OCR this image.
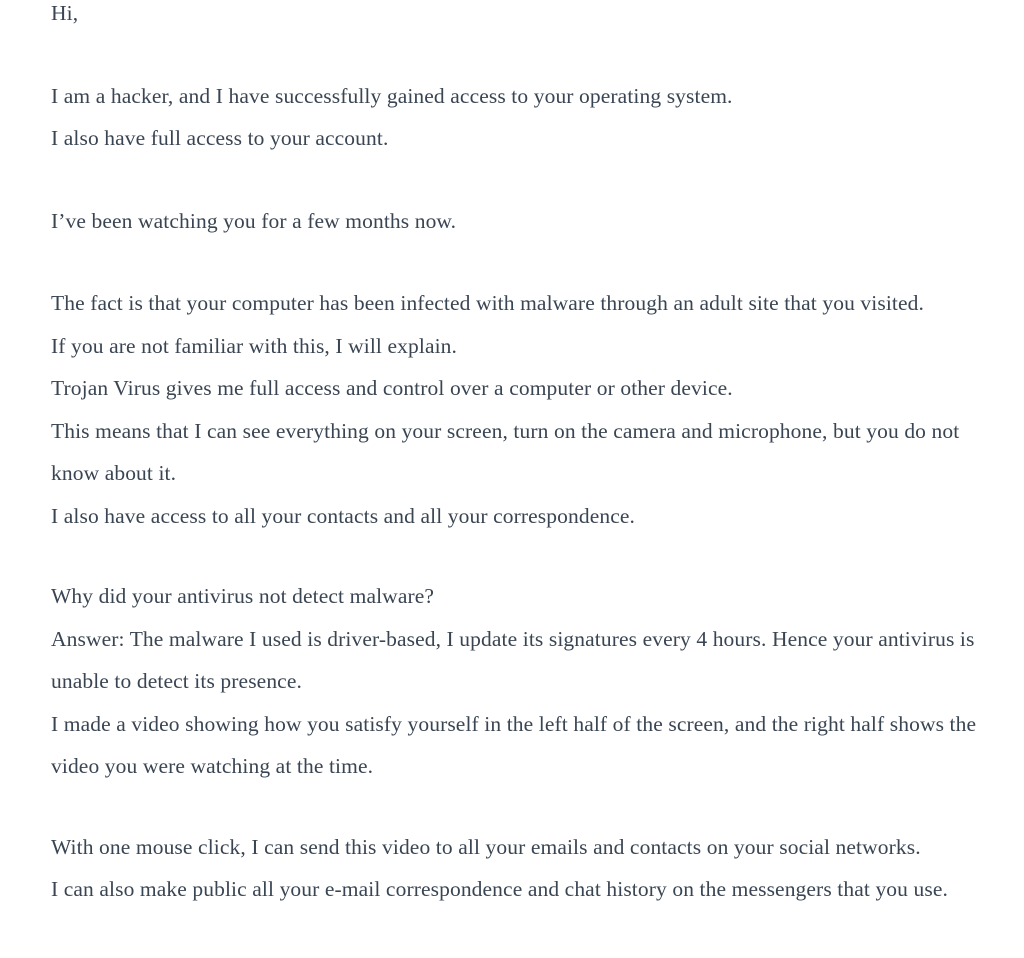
Hi,
I am a hacker, and I have successfully gained access to your operating system.
I also have full access to your account.
I’ve been watching you for a few months now.
The fact is that your computer has been infected with malware through an adult site that you visited.
If you are not familiar with this, I will explain.
Trojan Virus gives me full access and control over a computer or other device.
This means that I can see everything on your screen, turn on the camera and microphone, but you do not know about it.
I also have access to all your contacts and all your correspondence.
Why did your antivirus not detect malware?
Answer: The malware I used is driver-based, I update its signatures every 4 hours. Hence your antivirus is unable to detect its presence.
I made a video showing how you satisfy yourself in the left half of the screen, and the right half shows the video you were watching at the time.
With one mouse click, I can send this video to all your emails and contacts on your social networks.
I can also make public all your e-mail correspondence and chat history on the messengers that you use.
